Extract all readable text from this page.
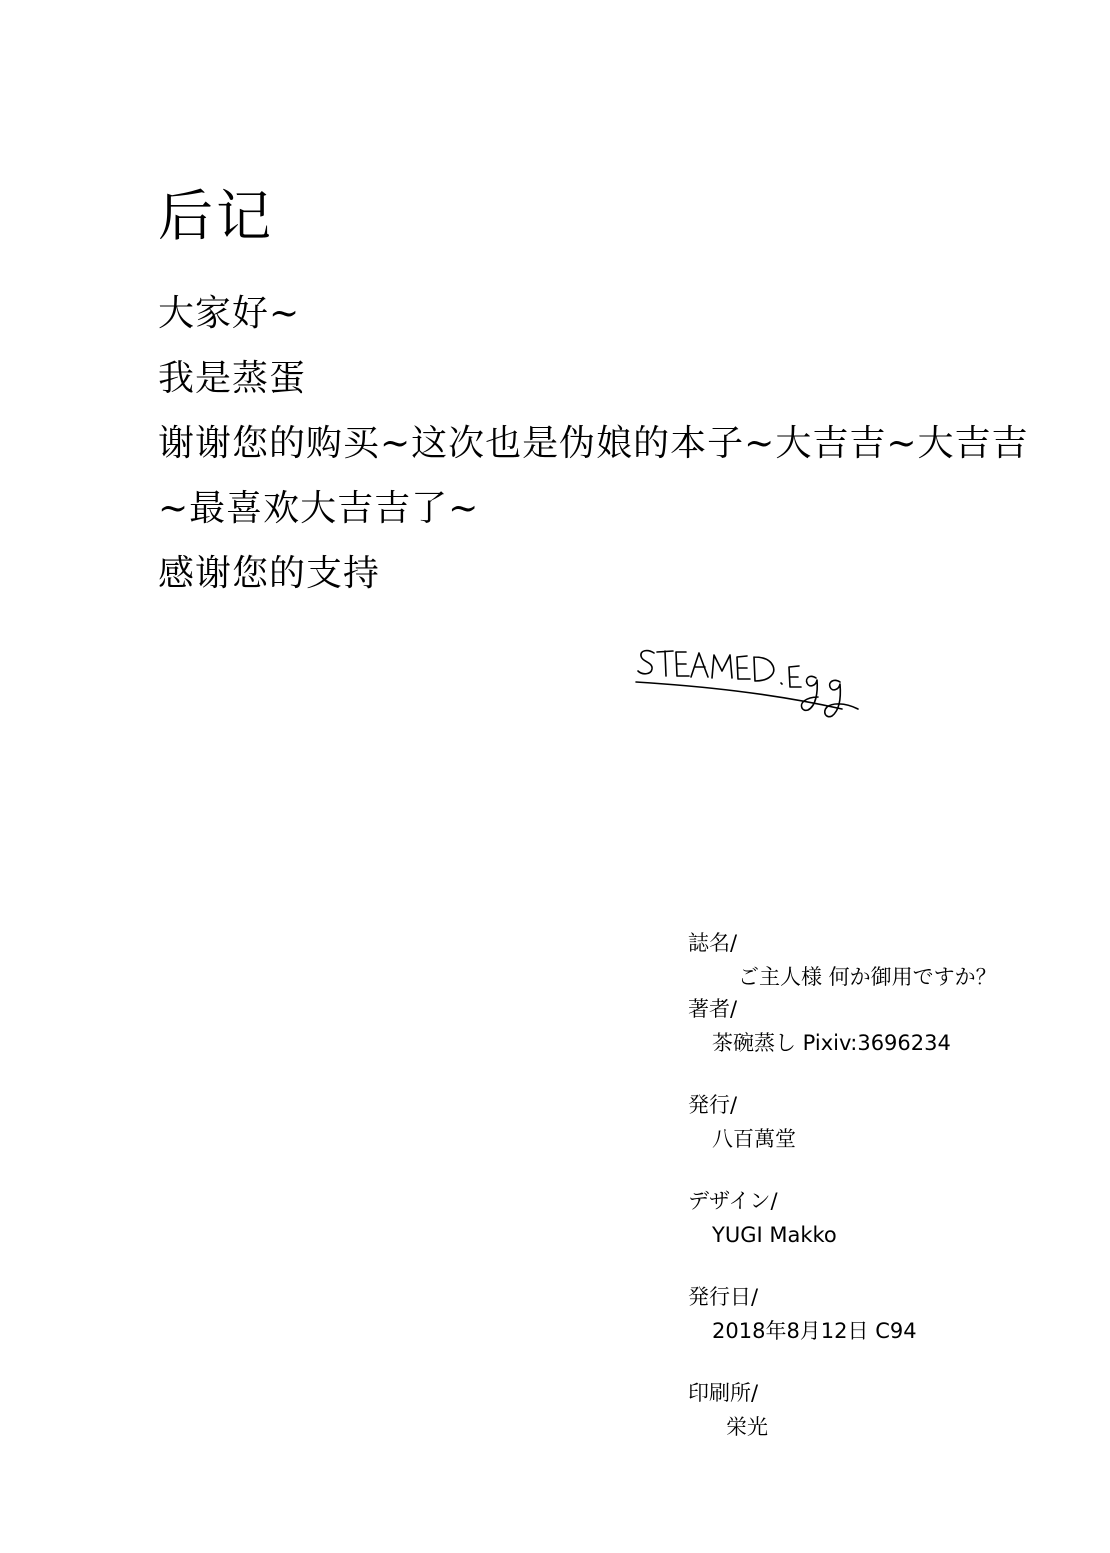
后记
大家好~
我是蒸蛋
谢谢您的购买~这次也是伪娘的本子~大吉吉~大吉吉
~最喜欢大吉吉了~
感谢您的支持
誌名/
ご主人様 何か御用ですか？
著者/
茶碗蒸し Pixiv:3696234
発行/
八百萬堂
デザイン/
YUGI Makko
発行日/
2018年8月12日 C94
印刷所/
栄光
